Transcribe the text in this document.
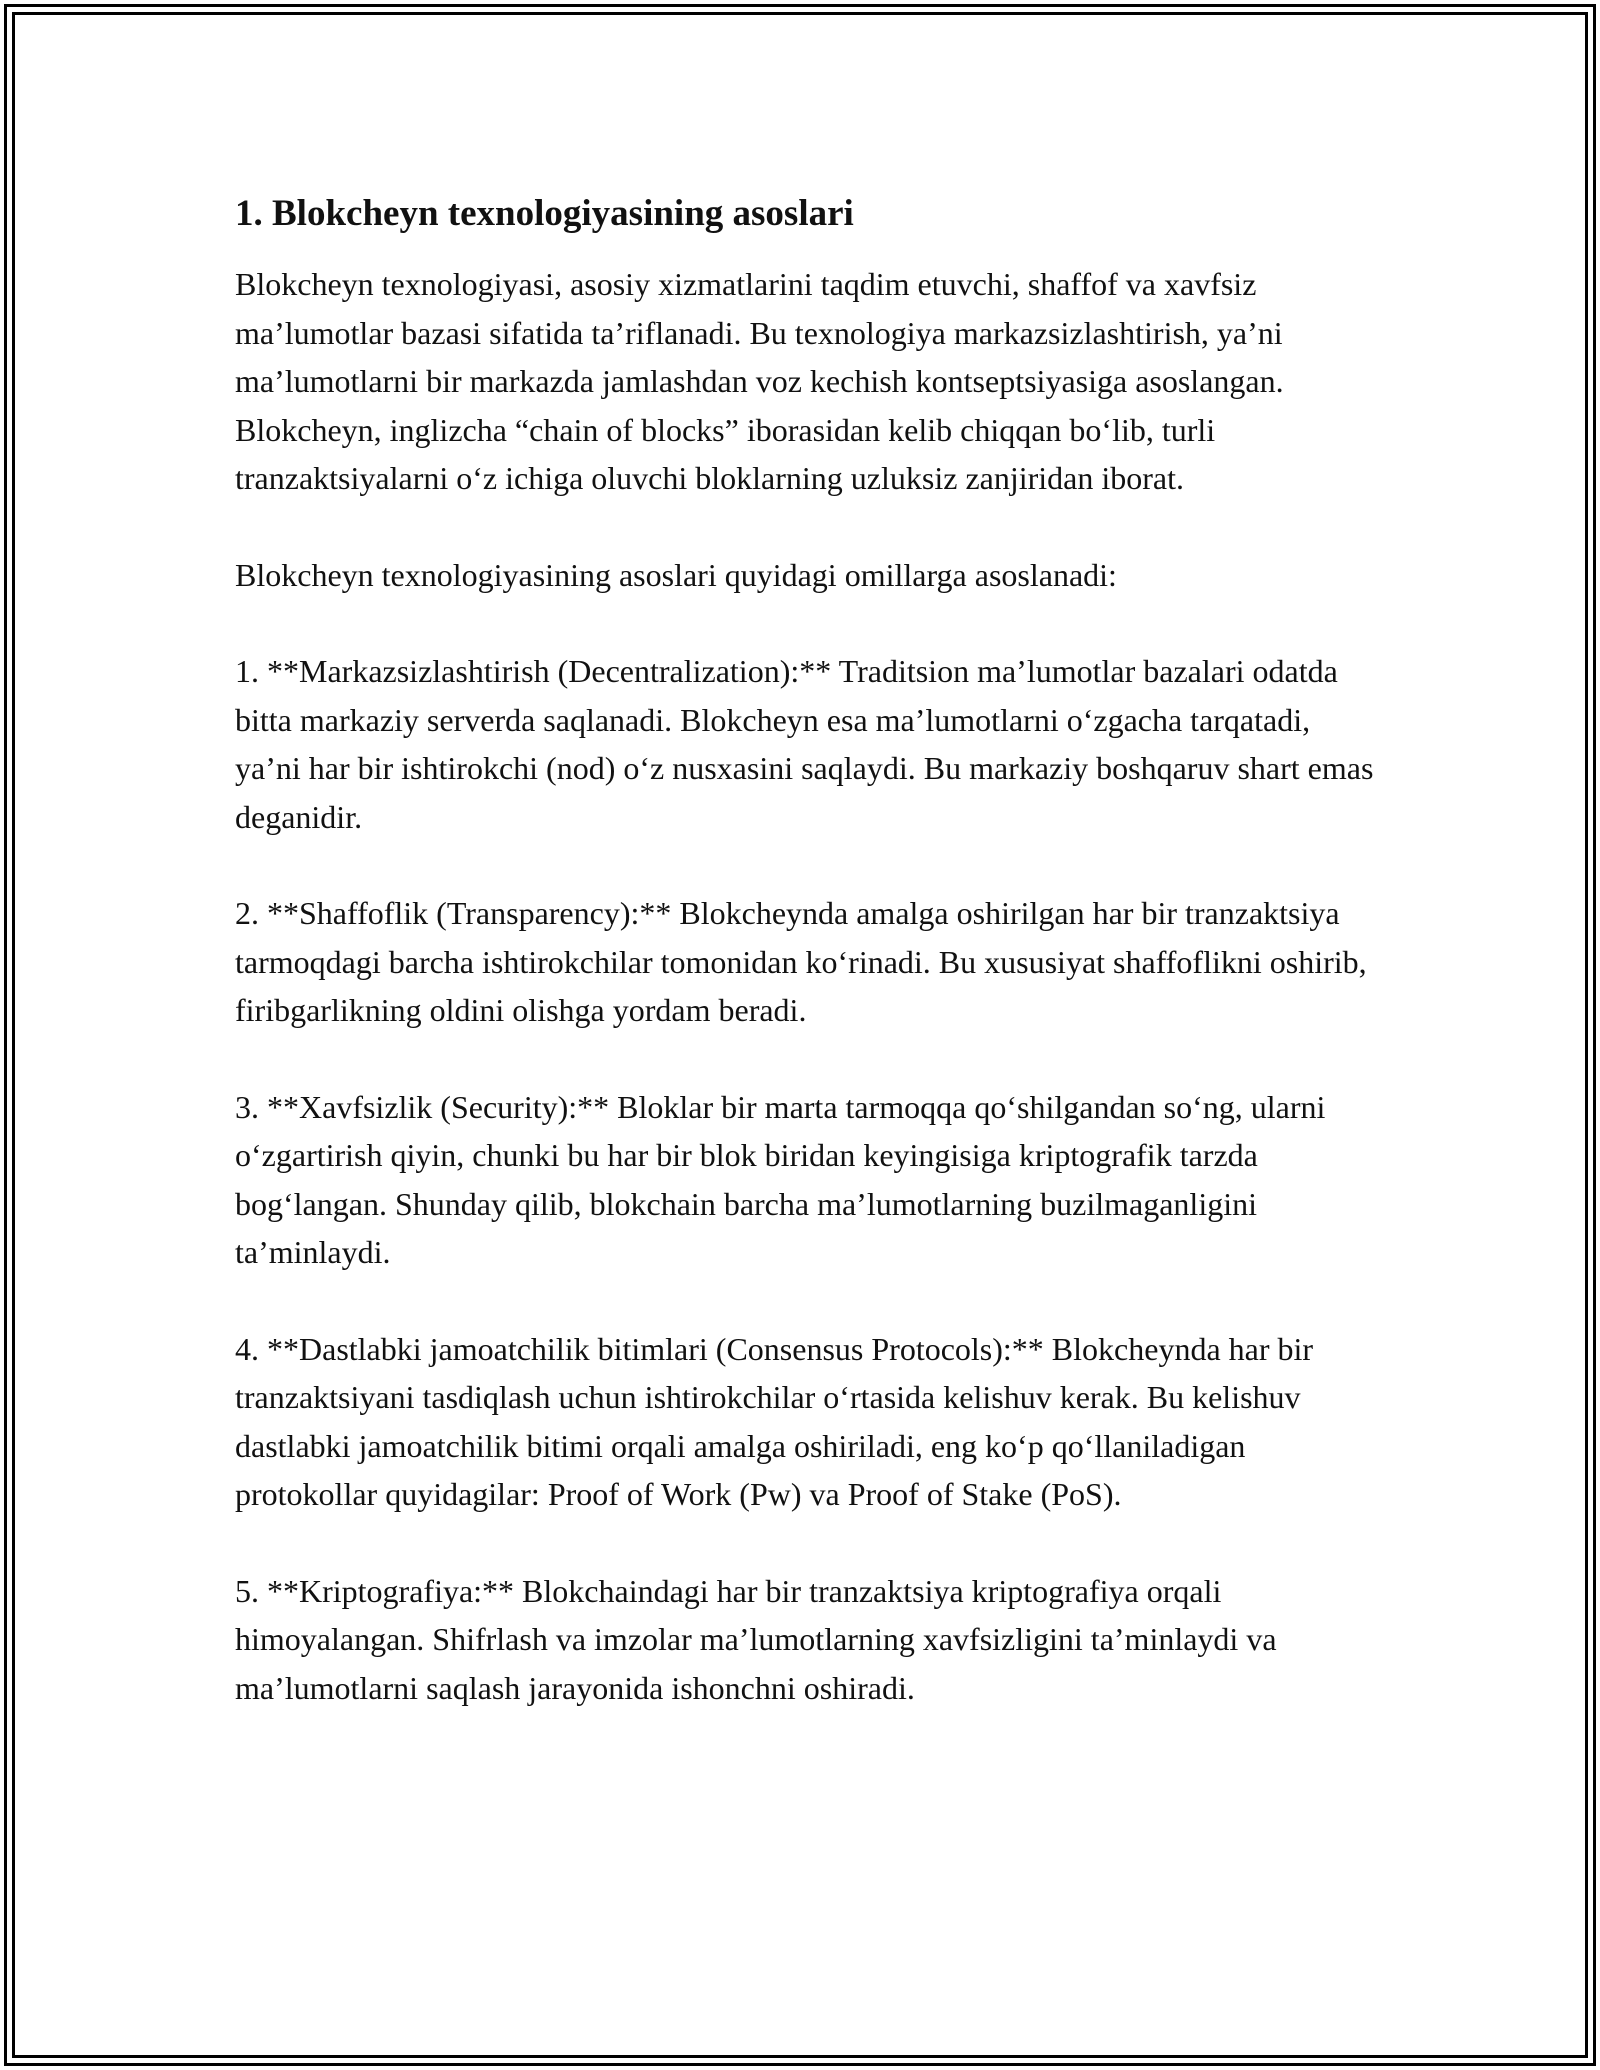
1. Blokcheyn texnologiyasining asoslari

Blokcheyn texnologiyasi, asosiy xizmatlarini taqdim etuvchi, shaffof va xavfsiz ma’lumotlar bazasi sifatida ta’riflanadi. Bu texnologiya markazsizlashtirish, ya’ni ma’lumotlarni bir markazda jamlashdan voz kechish kontseptsiyasiga asoslangan. Blokcheyn, inglizcha “chain of blocks” iborasidan kelib chiqqan bo‘lib, turli tranzaktsiyalarni o‘z ichiga oluvchi bloklarning uzluksiz zanjiridan iborat.

Blokcheyn texnologiyasining asoslari quyidagi omillarga asoslanadi:

1. **Markazsizlashtirish (Decentralization):** Traditsion ma’lumotlar bazalari odatda bitta markaziy serverda saqlanadi. Blokcheyn esa ma’lumotlarni o‘zgacha tarqatadi, ya’ni har bir ishtirokchi (nod) o‘z nusxasini saqlaydi. Bu markaziy boshqaruv shart emas deganidir.

2. **Shaffoflik (Transparency):** Blokcheynda amalga oshirilgan har bir tranzaktsiya tarmoqdagi barcha ishtirokchilar tomonidan ko‘rinadi. Bu xususiyat shaffoflikni oshirib, firibgarlikning oldini olishga yordam beradi.

3. **Xavfsizlik (Security):** Bloklar bir marta tarmoqqa qo‘shilgandan so‘ng, ularni o‘zgartirish qiyin, chunki bu har bir blok biridan keyingisiga kriptografik tarzda bog‘langan. Shunday qilib, blokchain barcha ma’lumotlarning buzilmaganligini ta’minlaydi.

4. **Dastlabki jamoatchilik bitimlari (Consensus Protocols):** Blokcheynda har bir tranzaktsiyani tasdiqlash uchun ishtirokchilar o‘rtasida kelishuv kerak. Bu kelishuv dastlabki jamoatchilik bitimi orqali amalga oshiriladi, eng ko‘p qo‘llaniladigan protokollar quyidagilar: Proof of Work (Pw) va Proof of Stake (PoS).

5. **Kriptografiya:** Blokchaindagi har bir tranzaktsiya kriptografiya orqali himoyalangan. Shifrlash va imzolar ma’lumotlarning xavfsizligini ta’minlaydi va ma’lumotlarni saqlash jarayonida ishonchni oshiradi.
